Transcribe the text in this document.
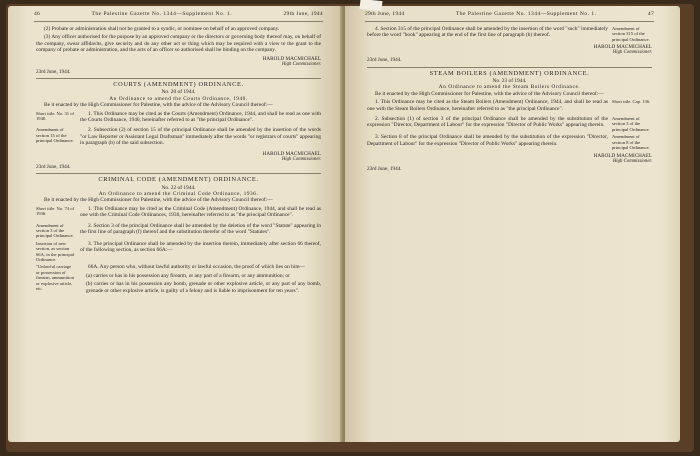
46	The Palestine Gazette No. 1344—Supplement No. 1.	29th June, 1944
(2) Probate or administration shall not be granted to a syndic, or nominee on behalf of an approved company.
(3) Any officer authorised for the purpose by an approved company or the directors or governing body thereof may, on behalf of the company, swear affidavits, give security and do any other act or thing which may be required with a view to the grant to the company of probate or administration, and the acts of an officer so authorised shall be binding on the company.
HAROLD MACMICHAEL
High Commissioner.
23rd June, 1944.
COURTS (AMENDMENT) ORDINANCE.
No. 20 of 1944.
An Ordinance to amend the Courts Ordinance, 1940.
Be it enacted by the High Commissioner for Palestine, with the advice of the Advisory Council thereof:—
Short title. No. 31 of 1940.
1. This Ordinance may be cited as the Courts (Amendment) Ordinance, 1944, and shall be read as one with the Courts Ordinance, 1940, hereinafter referred to as "the principal Ordinance".
Amendment of section 15 of the principal Ordinance.
2. Subsection (2) of section 15 of the principal Ordinance shall be amended by the insertion of the words "or Law Reporter or Assistant Legal Draftsman" immediately after the words "or registrars of courts" appearing in paragraph (b) of the said subsection.
HAROLD MACMICHAEL
High Commissioner.
23rd June, 1944.
CRIMINAL CODE (AMENDMENT) ORDINANCE.
No. 22 of 1944.
An Ordinance to amend the Criminal Code Ordinance, 1936.
Be it enacted by the High Commissioner for Palestine, with the advice of the Advisory Council thereof:—
Short title. No. 74 of 1936.
1. This Ordinance may be cited as the Criminal Code (Amendment) Ordinance, 1944, and shall be read as one with the Criminal Code Ordinances, 1936, hereinafter referred to as "the principal Ordinance".
Amendment of section 3 of the principal Ordinance.
2. Section 3 of the principal Ordinance shall be amended by the deletion of the word "Statute" appearing in the first line of paragraph (f) thereof and the substitution therefor of the word "Statutes".
Insertion of new section, as section 66A, in the principal Ordinance.
3. The principal Ordinance shall be amended by the insertion therein, immediately after section 66 thereof, of the following section, as section 66A:—
"Unlawful carriage or possession of firearm, ammunition or explosive article, etc.
66A. Any person who, without lawful authority or lawful occasion, the proof of which lies on him—
(a) carries or has in his possession any firearm, or any part of a firearm, or any ammunition; or
(b) carries or has in his possession any bomb, grenade or other explosive article, or any part of any bomb, grenade or other explosive article, is guilty of a felony and is liable to imprisonment for ten years".
29th June, 1944	The Palestine Gazette No. 1344—Supplement No. 1.	47
Amendment of section 315 of the principal Ordinance.
4. Section 315 of the principal Ordinance shall be amended by the insertion of the word "such" immediately before the word "book" appearing at the end of the first line of paragraph (b) thereof.
HAROLD MACMICHAEL
High Commissioner.
23rd June, 1944.
STEAM BOILERS (AMENDMENT) ORDINANCE.
No. 23 of 1944.
An Ordinance to amend the Steam Boilers Ordinance.
Be it enacted by the High Commissioner for Palestine, with the advice of the Advisory Council thereof:—
Short title. Cap. 136.
1. This Ordinance may be cited as the Steam Boilers (Amendment) Ordinance, 1944, and shall be read as one with the Steam Boilers Ordinance, hereinafter referred to as "the principal Ordinance".
Amendment of section 3 of the principal Ordinance.
2. Subsection (1) of section 3 of the principal Ordinance shall be amended by the substitution of the expression "Director, Department of Labour" for the expression "Director of Public Works" appearing therein.
Amendment of section 8 of the principal Ordinance.
3. Section 8 of the principal Ordinance shall be amended by the substitution of the expression "Director, Department of Labour" for the expression "Director of Public Works" appearing therein.
HAROLD MACMICHAEL
High Commissioner.
23rd June, 1944.
